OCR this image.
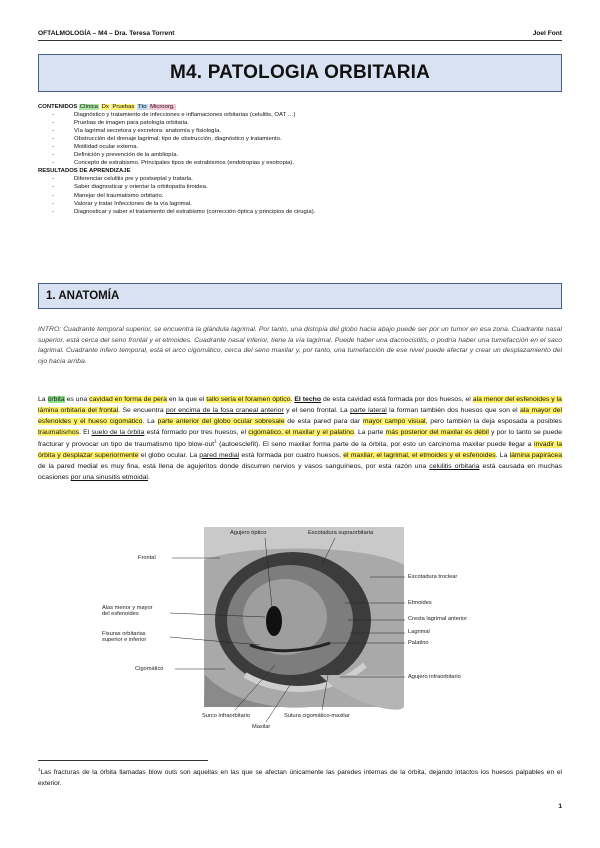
OFTALMOLOGÍA – M4 – Dra. Teresa Torrent	Joel Font
M4. PATOLOGIA ORBITARIA
CONTENIDOS Clínica Dx Pruebas Tto Microorg.
- Diagnóstico y tratamiento de infecciones e inflamaciones orbitarias (celulitis, OAT …)
- Pruebas de imagen para patología orbitaria.
- Vía lagrimal secretora y excretora: anatomía y fisiología.
- Obstrucción del drenaje lagrimal: tipo de obstrucción, diagnóstico y tratamiento.
- Motilidad ocular externa.
- Definición y prevención de la ambliopía.
- Concepto de estrabismo. Principales tipos de estrabismos (endotropias y exotropia).
RESULTADOS DE APRENDIZAJE
- Diferenciar celulitis pre y postseptal y tratarla.
- Saber diagnosticar y orientar la orbitopatía tiroidea.
- Manejar del traumatismo orbitario.
- Valorar y tratar Infecciones de la vía lagrimal.
- Diagnosticar y saber el tratamiento del estrabismo (corrección óptica y principios de cirugía).
1. ANATOMÍA

INTRO: Cuadrante temporal superior, se encuentra la glándula lagrimal. Por tanto, una distopia del globo hacia abajo puede ser por un tumor en esa zona. Cuadrante nasal superior, está cerca del seno frontal y el etmoides. Cuadrante nasal inferior, tiene la vía lagrimal. Puede haber una dacriocistitis, o podría haber una tumefacción en el saco lagrimal. Cuadrante infero temporal, está el arco cigomático, cerca del seno maxilar y, por tanto, una tumefacción de ese nivel puede afectar y crear un desplazamiento del ojo hacia arriba.

La órbita es una cavidad en forma de pera en la que el tallo sería el foramen óptico. El techo de esta cavidad está formada por dos huesos, el ala menor del esfenoides y la lámina orbitaria del frontal. Se encuentra por encima de la fosa craneal anterior y el seno frontal. La parte lateral la forman también dos huesos que son el ala mayor del esfenoides y el hueso cigomático. La parte anterior del globo ocular sobresale de esta pared para dar mayor campo visual, pero también la deja esposada a posibles traumatismos. El suelo de la órbita está formado por tres huesos, el cigomático, el maxilar y el palatino. La parte más posterior del maxilar es débil y por lo tanto se puede fracturar y provocar un tipo de traumatismo tipo blow-out$^1$ (autoesclefit). El seno maxilar forma parte de la órbita, por esto un carcinoma maxilar puede llegar a invadir la órbita y desplazar superiormente el globo ocular. La pared medial está formada por cuatro huesos, el maxilar, el lagrimal, el etmoides y el esfenoides. La lámina papirácea de la pared medial es muy fina, está llena de agujeritos donde discurren nervios y vasos sanguíneos, por esta razón una celulitis orbitaria está causada en muchas ocasiones por una sinusitis etmoidal.

Agujero óptico	Escotadura supraorbitaria
Frontal
Escotadura troclear
Alas menor y mayor
del esfenoides
Etmoides
Cresta lagrimal anterior
Lagrimal
Fisuras orbitarias
superior e inferior	Palatino
Cigomático
Agujero infraorbitario
Surco infraorbitario	Sutura cigomático-maxilar
Maxilar
$^1$Las fracturas de la órbita llamadas blow outs son aquellas en las que se afectan únicamente las paredes internas de la órbita, dejando intactos los huesos palpables en el exterior.
1
